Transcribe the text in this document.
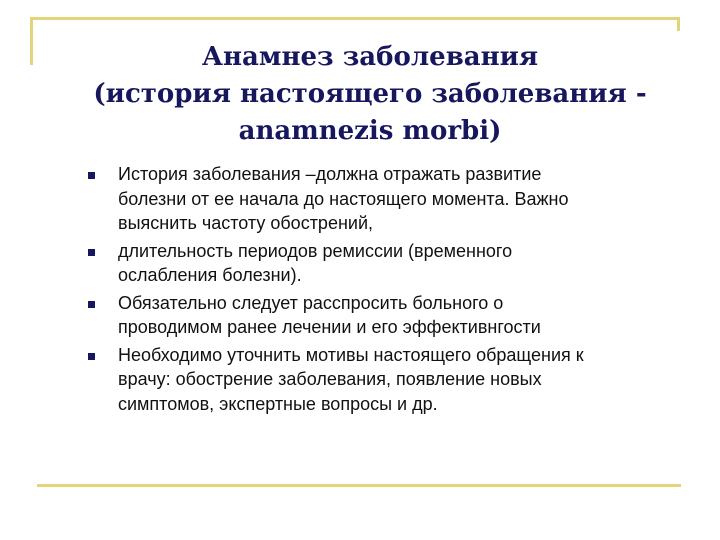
Анамнез заболевания
(история настоящего заболевания -
anamnezis morbi)
История заболевания –должна отражать развитие
болезни от ее начала до настоящего момента. Важно
выяснить частоту обострений,
длительность периодов ремиссии (временного
ослабления болезни).
Обязательно следует расспросить больного о
проводимом ранее лечении и его эффективнгости
Необходимо уточнить мотивы настоящего обращения к
врачу: обострение заболевания, появление новых
симптомов, экспертные вопросы и др.
